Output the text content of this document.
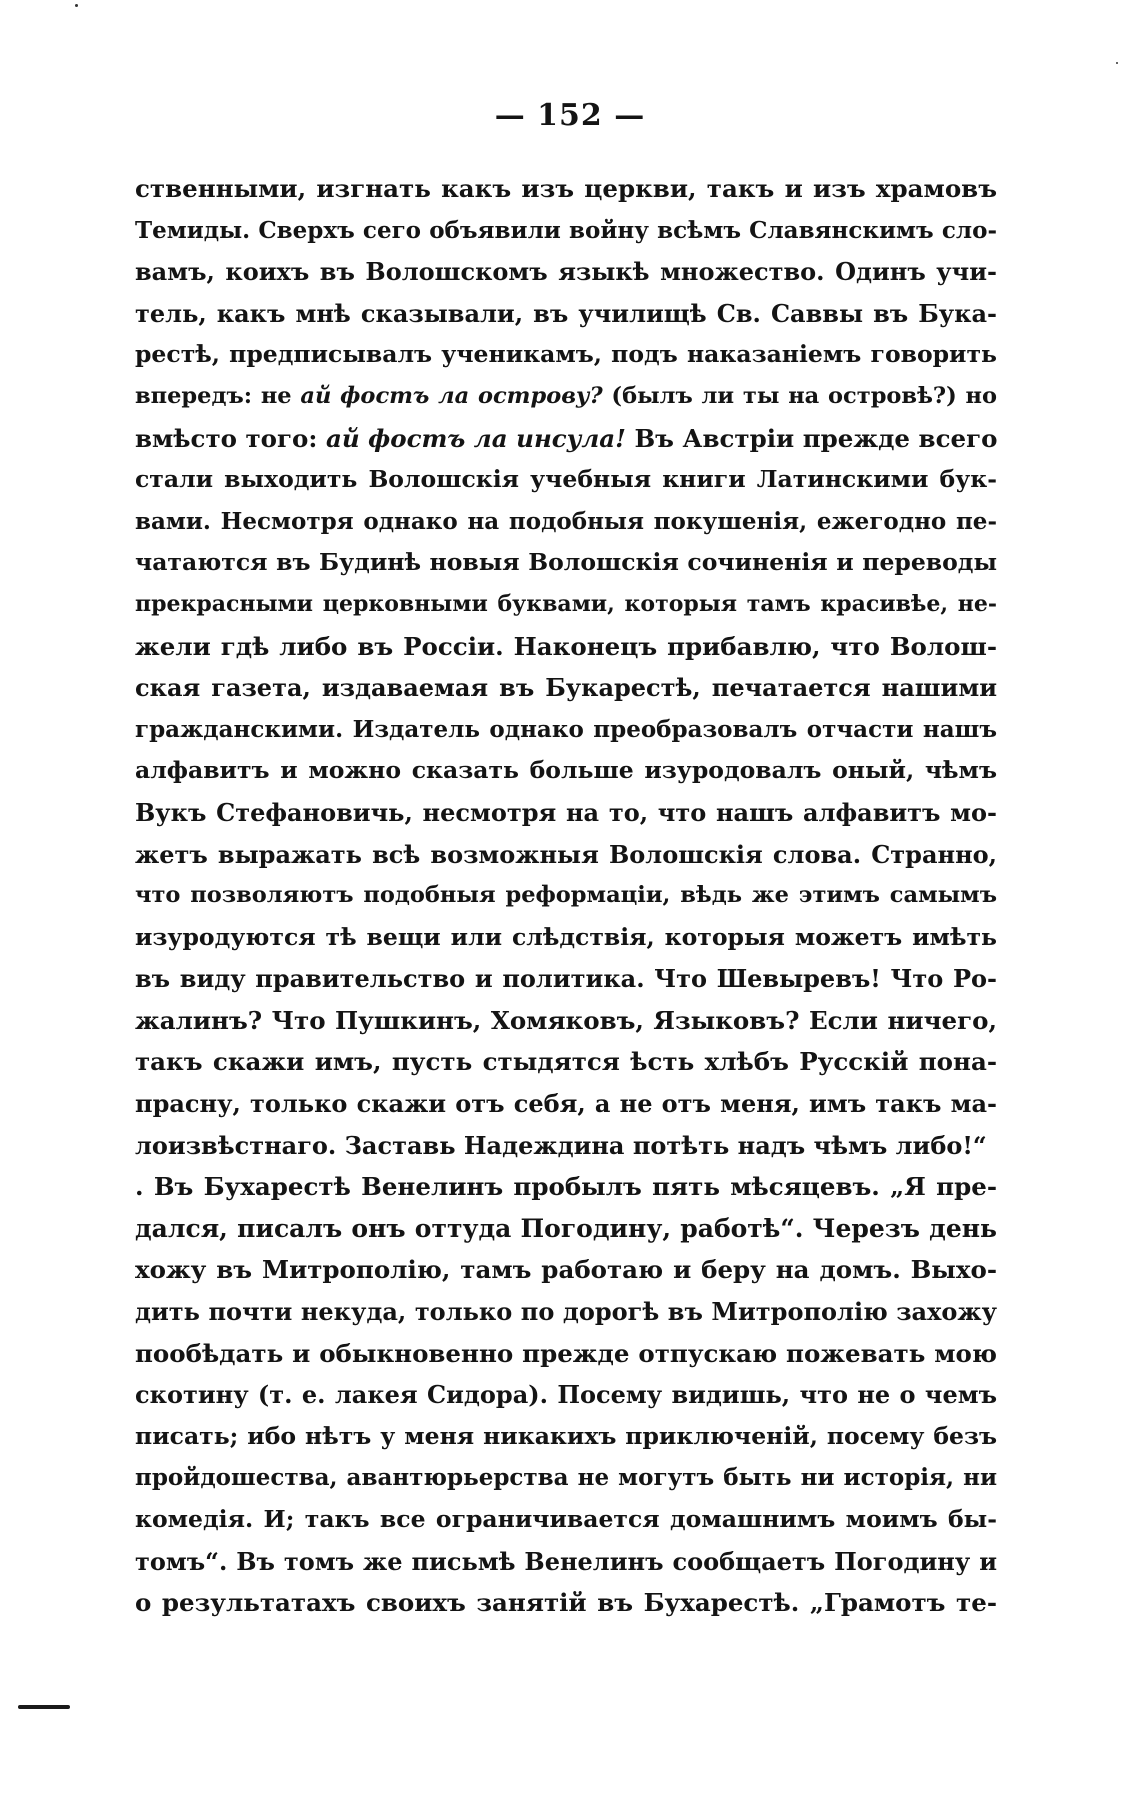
— 152 —
ственными, изгнать какъ изъ церкви, такъ и изъ храмовъ
Темиды. Сверхъ сего объявили войну всѣмъ Славянскимъ сло-
вамъ, коихъ въ Волошскомъ языкѣ множество. Одинъ учи-
тель, какъ мнѣ сказывали, въ училищѣ Св. Саввы въ Бука-
рестѣ, предписывалъ ученикамъ, подъ наказаніемъ говорить
впередъ: не ай фостъ ла острову? (былъ ли ты на островѣ?) но
вмѣсто того: ай фостъ ла инсула! Въ Австріи прежде всего
стали выходить Волошскія учебныя книги Латинскими бук-
вами. Несмотря однако на подобныя покушенія, ежегодно пе-
чатаются въ Будинѣ новыя Волошскія сочиненія и переводы
прекрасными церковными буквами, которыя тамъ красивѣе, не-
жели гдѣ либо въ Россіи. Наконецъ прибавлю, что Волош-
ская газета, издаваемая въ Букарестѣ, печатается нашими
гражданскими. Издатель однако преобразовалъ отчасти нашъ
алфавитъ и можно сказать больше изуродовалъ оный, чѣмъ
Вукъ Стефановичь, несмотря на то, что нашъ алфавитъ мо-
жетъ выражать всѣ возможныя Волошскія слова. Странно,
что позволяютъ подобныя реформаціи, вѣдь же этимъ самымъ
изуродуются тѣ вещи или слѣдствія, которыя можетъ имѣть
въ виду правительство и политика. Что Шевыревъ! Что Ро-
жалинъ? Что Пушкинъ, Хомяковъ, Языковъ? Если ничего,
такъ скажи имъ, пусть стыдятся ѣсть хлѣбъ Русскій пона-
прасну, только скажи отъ себя, а не отъ меня, имъ такъ ма-
лоизвѣстнаго. Заставь Надеждина потѣть надъ чѣмъ либо!“
. Въ Бухарестѣ Венелинъ пробылъ пять мѣсяцевъ. „Я пре-
дался, писалъ онъ оттуда Погодину, работѣ“. Черезъ день
хожу въ Митрополію, тамъ работаю и беру на домъ. Выхо-
дить почти некуда, только по дорогѣ въ Митрополію захожу
пообѣдать и обыкновенно прежде отпускаю пожевать мою
скотину (т. е. лакея Сидора). Посему видишь, что не о чемъ
писать; ибо нѣтъ у меня никакихъ приключеній, посему безъ
пройдошества, авантюрьерства не могутъ быть ни исторія, ни
комедія. И; такъ все ограничивается домашнимъ моимъ бы-
томъ“. Въ томъ же письмѣ Венелинъ сообщаетъ Погодину и
о результатахъ своихъ занятій въ Бухарестѣ. „Грамотъ те-
